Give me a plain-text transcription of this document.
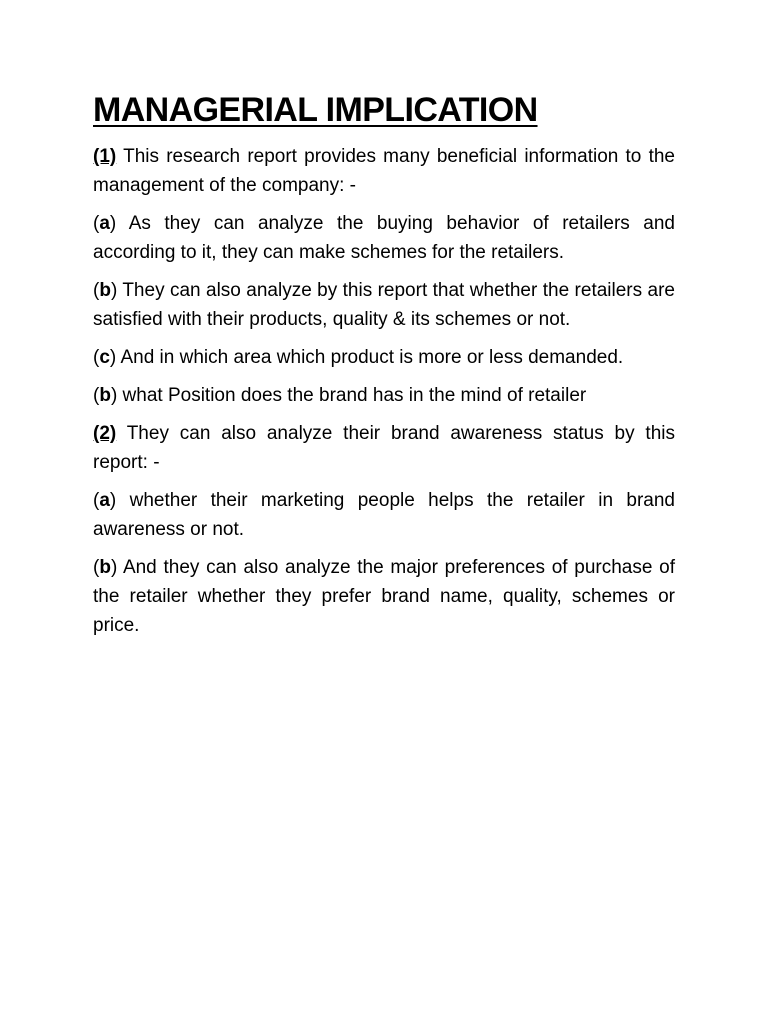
MANAGERIAL IMPLICATION

(1) This research report provides many beneficial information to the management of the company: -

(a) As they can analyze the buying behavior of retailers and according to it, they can make schemes for the retailers.

(b) They can also analyze by this report that whether the retailers are satisfied with their products, quality & its schemes or not.

(c) And in which area which product is more or less demanded.

(b) what Position does the brand has in the mind of retailer

(2) They can also analyze their brand awareness status by this report: -

(a) whether their marketing people helps the retailer in brand awareness or not.

(b) And they can also analyze the major preferences of purchase of the retailer whether they prefer brand name, quality, schemes or price.
